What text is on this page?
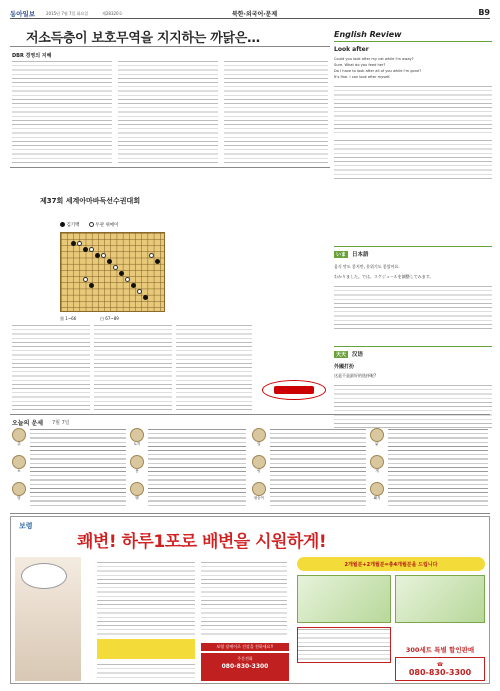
동아일보	2015년 7월 7일 화요일	제28320호	북한·외국어·문제	B9
저소득층이 보호무역을 지지하는 까닭은…
DBR 경영의 지혜
English Review
Look after
Could you look after my cat while I'm away?
Sure. What do you feed her?
Do I have to look after all of you while I'm gone?
It's fine. I can look after myself.
いま	日本語
음식 맛도 좋지만, 분위기도 좋았어요.
わかりました。では、スケジュールを調整してみます。
天天	汉语
外國打扮
这是不是最好的选择呢?
제37회 세계아마바둑선수권대회
김기백	두관 위메이
黑 1~66	白 67~89
오늘의 운세 7월 7일
쥐
소
범
토끼
용
뱀
말
양
원숭이
닭
개
돼지
보령
쾌변! 하루1포로 배변을 시원하게!
보령 장케어로 건강을 전하세요!!
주문전화
080-830-3300
2개월분+2개월분=총4개월분을 드립니다
300세트 특별 할인판매
☎
080-830-3300
